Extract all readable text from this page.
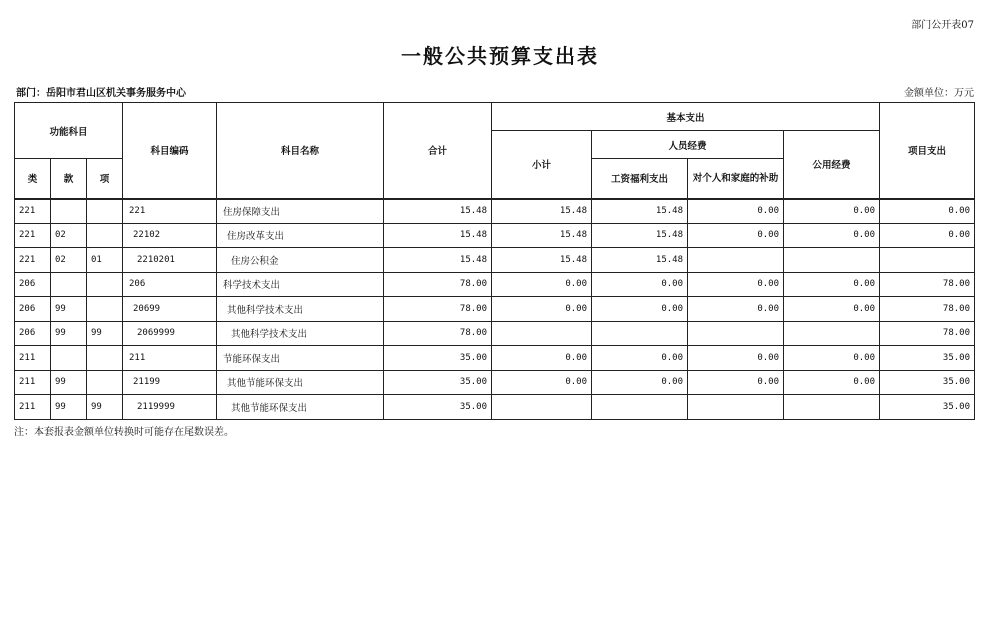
部门公开表07
一般公共预算支出表
部门：岳阳市君山区机关事务服务中心	金额单位：万元
功能科目			科目编码	科目名称	合计	基本支出				项目支出
						小计	人员经费		公用经费	
类	款	项					工资福利支出	对个人和家庭的补助		
221			221	住房保障支出	15.48	15.48	15.48	0.00	0.00	0.00
221	02		22102	住房改革支出	15.48	15.48	15.48	0.00	0.00	0.00
221	02	01	2210201	住房公积金	15.48	15.48	15.48			
206			206	科学技术支出	78.00	0.00	0.00	0.00	0.00	78.00
206	99		20699	其他科学技术支出	78.00	0.00	0.00	0.00	0.00	78.00
206	99	99	2069999	其他科学技术支出	78.00					78.00
211			211	节能环保支出	35.00	0.00	0.00	0.00	0.00	35.00
211	99		21199	其他节能环保支出	35.00	0.00	0.00	0.00	0.00	35.00
211	99	99	2119999	其他节能环保支出	35.00					35.00
注：本套报表金额单位转换时可能存在尾数误差。
